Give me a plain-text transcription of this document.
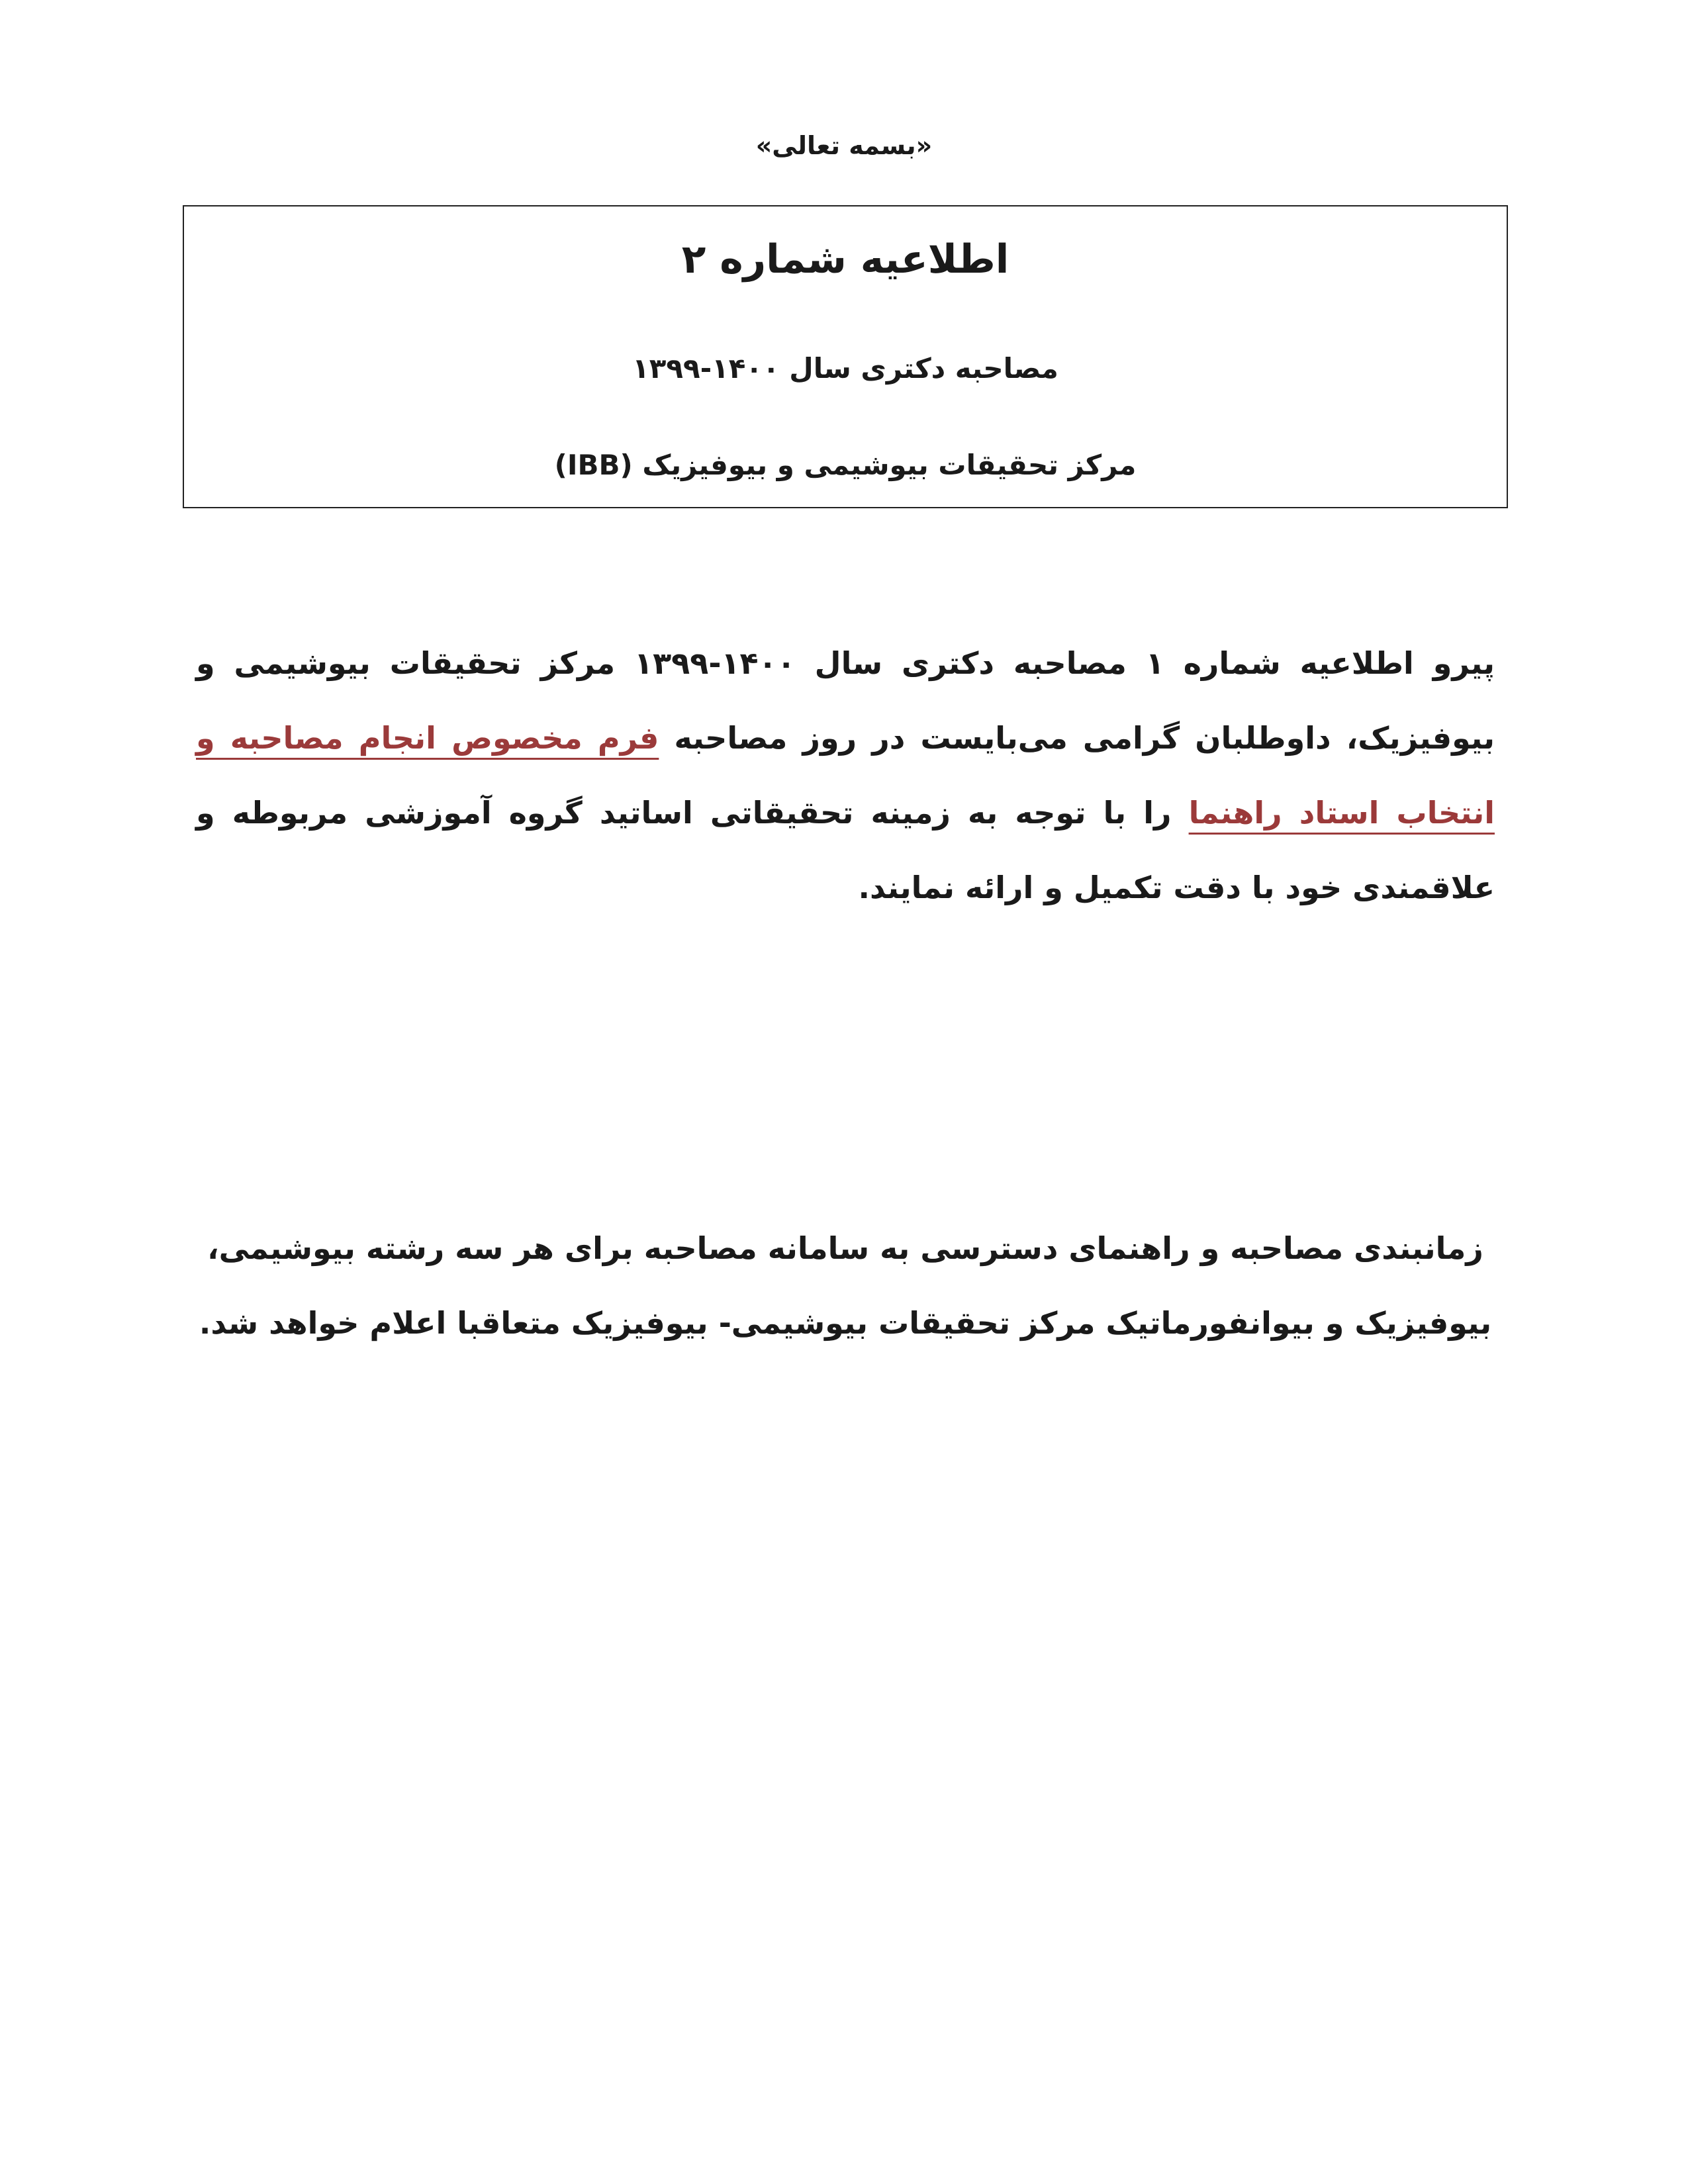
«بسمه تعالی»
اطلاعیه شماره ۲
مصاحبه دکتری سال ۱۴۰۰-۱۳۹۹
مرکز تحقیقات بیوشیمی و بیوفیزیک (IBB)
پیرو اطلاعیه شماره ۱ مصاحبه دکتری سال ۱۴۰۰-۱۳۹۹ مرکز تحقیقات بیوشیمی و بیوفیزیک، داوطلبان گرامی می‌بایست در روز مصاحبه فرم مخصوص انجام مصاحبه و انتخاب استاد راهنما را با توجه به زمینه تحقیقاتی اساتید گروه آموزشی مربوطه و علاقمندی خود با دقت تکمیل و ارائه نمایند.
زمانبندی مصاحبه و راهنمای دسترسی به سامانه مصاحبه برای هر سه رشته بیوشیمی،
بیوفیزیک و بیوانفورماتیک مرکز تحقیقات بیوشیمی- بیوفیزیک متعاقبا اعلام خواهد شد.
